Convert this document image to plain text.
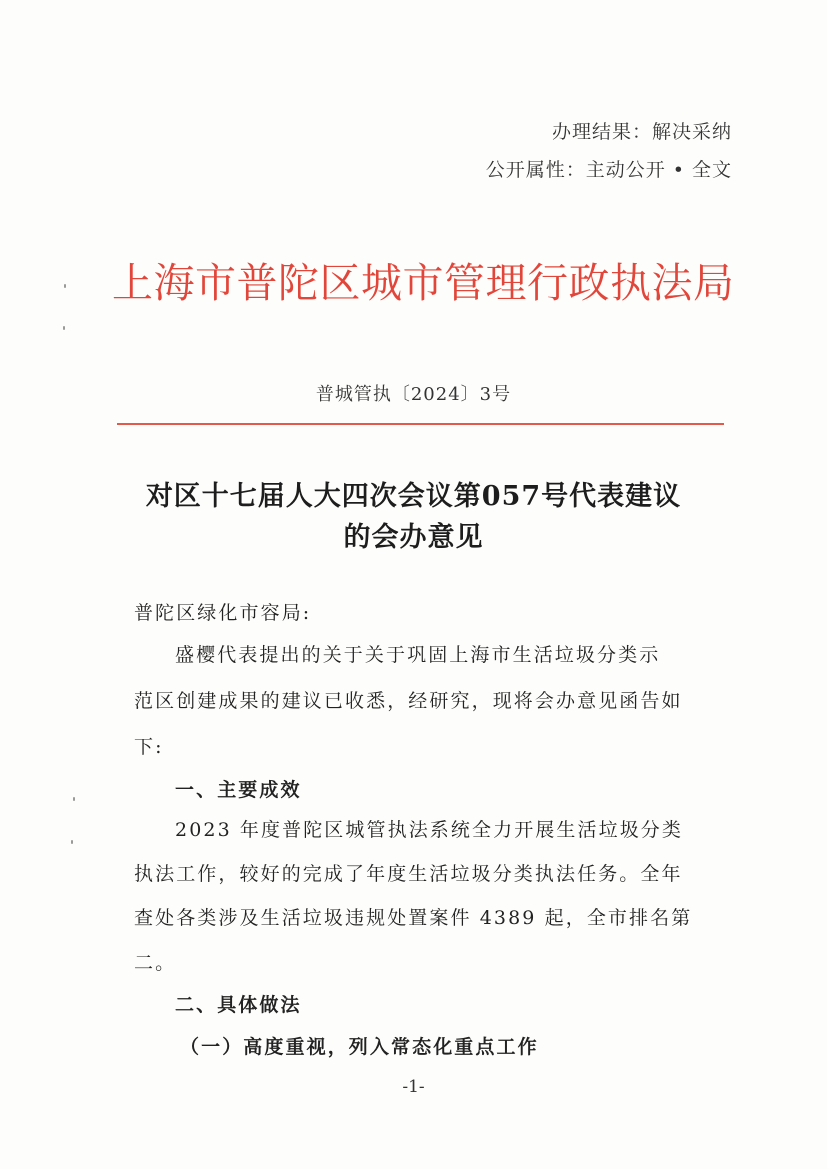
办理结果：解决采纳
公开属性：主动公开 • 全文
上海市普陀区城市管理行政执法局
普城管执〔2024〕3号
对区十七届人大四次会议第057号代表建议
的会办意见
普陀区绿化市容局:
盛樱代表提出的关于关于巩固上海市生活垃圾分类示
范区创建成果的建议已收悉，经研究，现将会办意见函告如
下:
一、主要成效
2023 年度普陀区城管执法系统全力开展生活垃圾分类
执法工作，较好的完成了年度生活垃圾分类执法任务。全年
查处各类涉及生活垃圾违规处置案件 4389 起，全市排名第
二。
二、具体做法
（一）高度重视，列入常态化重点工作
-1-
